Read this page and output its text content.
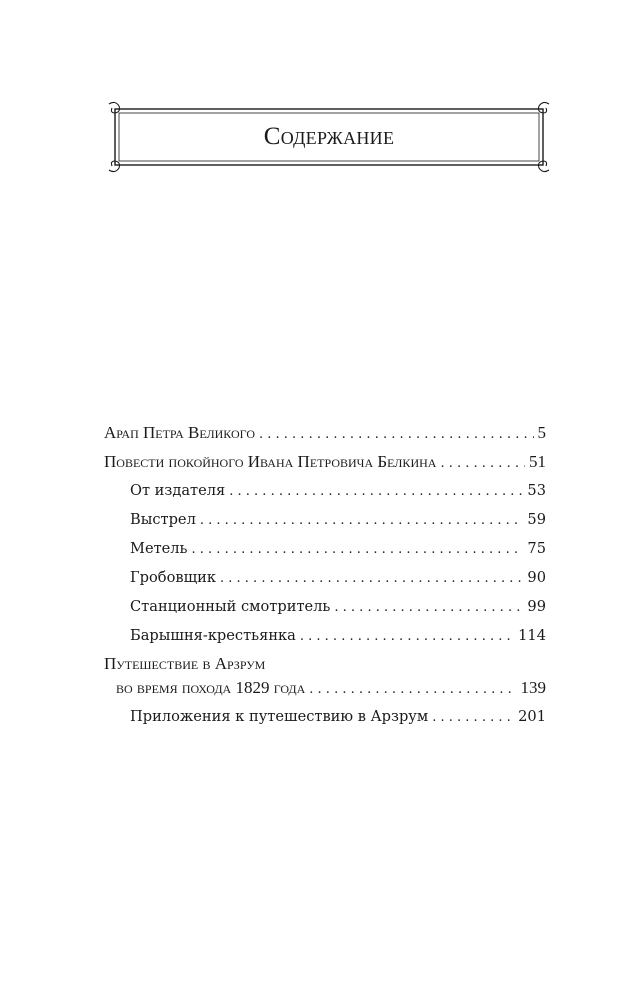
Содержание
Арап Петра Великого . . .	5
Повести покойного Ивана Петровича Белкина . . .	51
От издателя . . .	53
Выстрел . . .	59
Метель . . .	75
Гробовщик . . .	90
Станционный смотритель . . .	99
Барышня-крестьянка . . .	114
Путешествие в Арзрум
во время похода 1829 года . . .	139
Приложения к путешествию в Арзрум . . .	201
